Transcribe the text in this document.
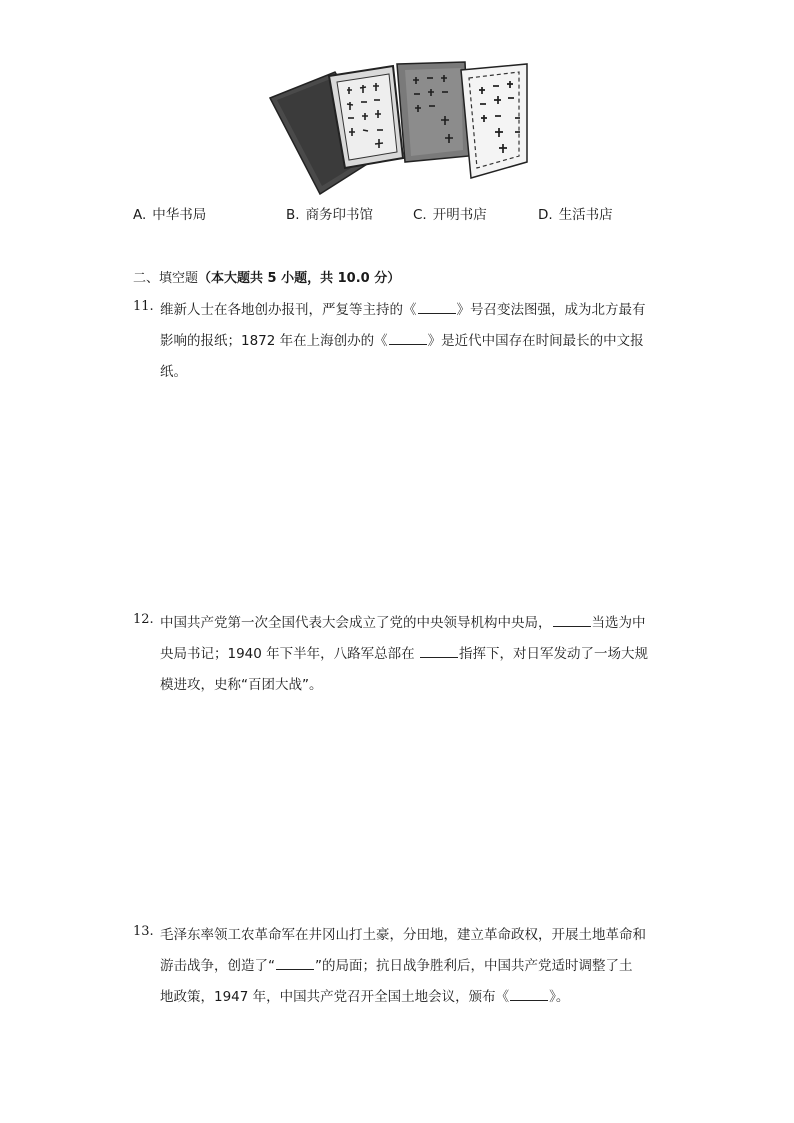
A. 中华书局	B. 商务印书馆	C. 开明书店	D. 生活书店
二、填空题（本大题共 5 小题，共 10.0 分）
11. 维新人士在各地创办报刊，严复等主持的《	》号召变法图强，成为北方最有
影响的报纸；1872 年在上海创办的《	》是近代中国存在时间最长的中文报
纸。
12. 中国共产党第一次全国代表大会成立了党的中央领导机构中央局，	当选为中
央局书记；1940 年下半年，八路军总部在	指挥下，对日军发动了一场大规
模进攻，史称“百团大战”。
13. 毛泽东率领工农革命军在井冈山打土豪，分田地，建立革命政权，开展土地革命和
游击战争，创造了“	”的局面；抗日战争胜利后，中国共产党适时调整了土
地政策，1947 年，中国共产党召开全国土地会议，颁布《	》。
